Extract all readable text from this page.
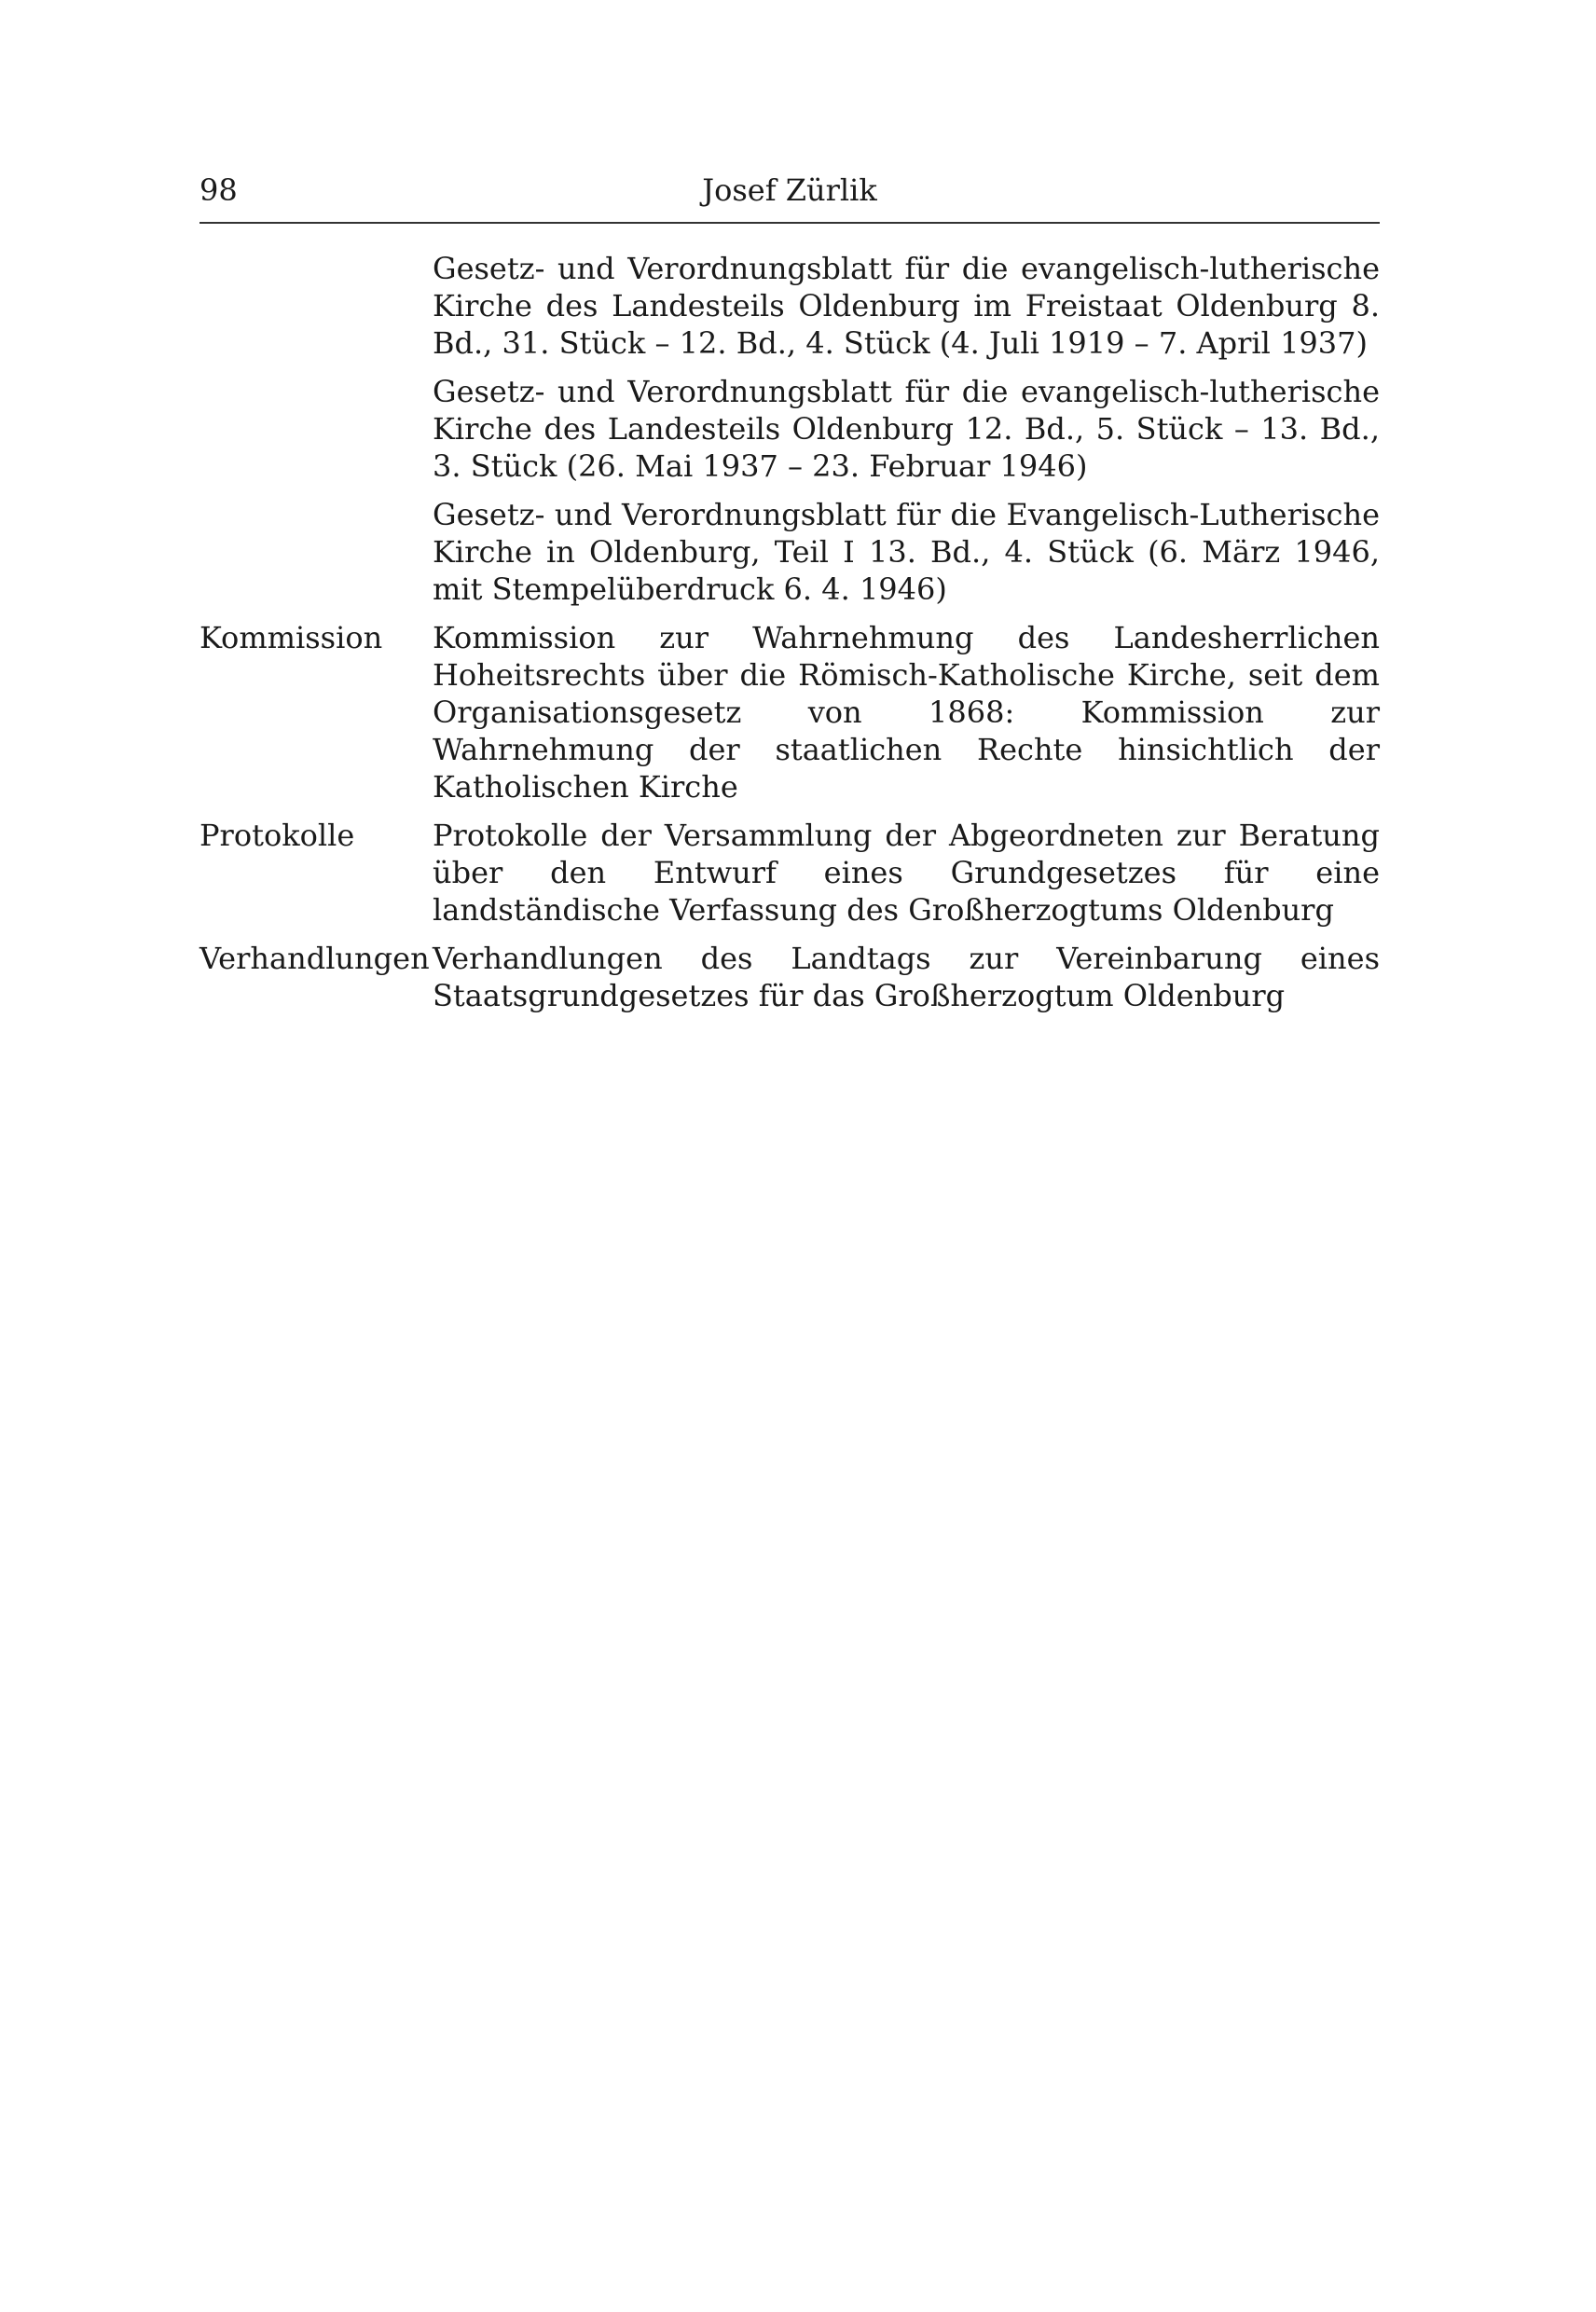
98	Josef Zürlik

Gesetz- und Verordnungsblatt für die evangelisch-lutherische Kirche des Landesteils Oldenburg im Freistaat Oldenburg 8. Bd., 31. Stück – 12. Bd., 4. Stück (4. Juli 1919 – 7. April 1937)

Gesetz- und Verordnungsblatt für die evangelisch-lutherische Kirche des Landesteils Oldenburg 12. Bd., 5. Stück – 13. Bd., 3. Stück (26. Mai 1937 – 23. Februar 1946)

Gesetz- und Verordnungsblatt für die Evangelisch-Lutherische Kirche in Oldenburg, Teil I 13. Bd., 4. Stück (6. März 1946, mit Stempelüberdruck 6. 4. 1946)

Kommission	Kommission zur Wahrnehmung des Landesherrlichen Hoheitsrechts über die Römisch-Katholische Kirche, seit dem Organisationsgesetz von 1868: Kommission zur Wahrnehmung der staatlichen Rechte hinsichtlich der Katholischen Kirche

Protokolle	Protokolle der Versammlung der Abgeordneten zur Beratung über den Entwurf eines Grundgesetzes für eine landständische Verfassung des Großherzogtums Oldenburg

Verhandlungen Verhandlungen des Landtags zur Vereinbarung eines Staatsgrundgesetzes für das Großherzogtum Oldenburg
